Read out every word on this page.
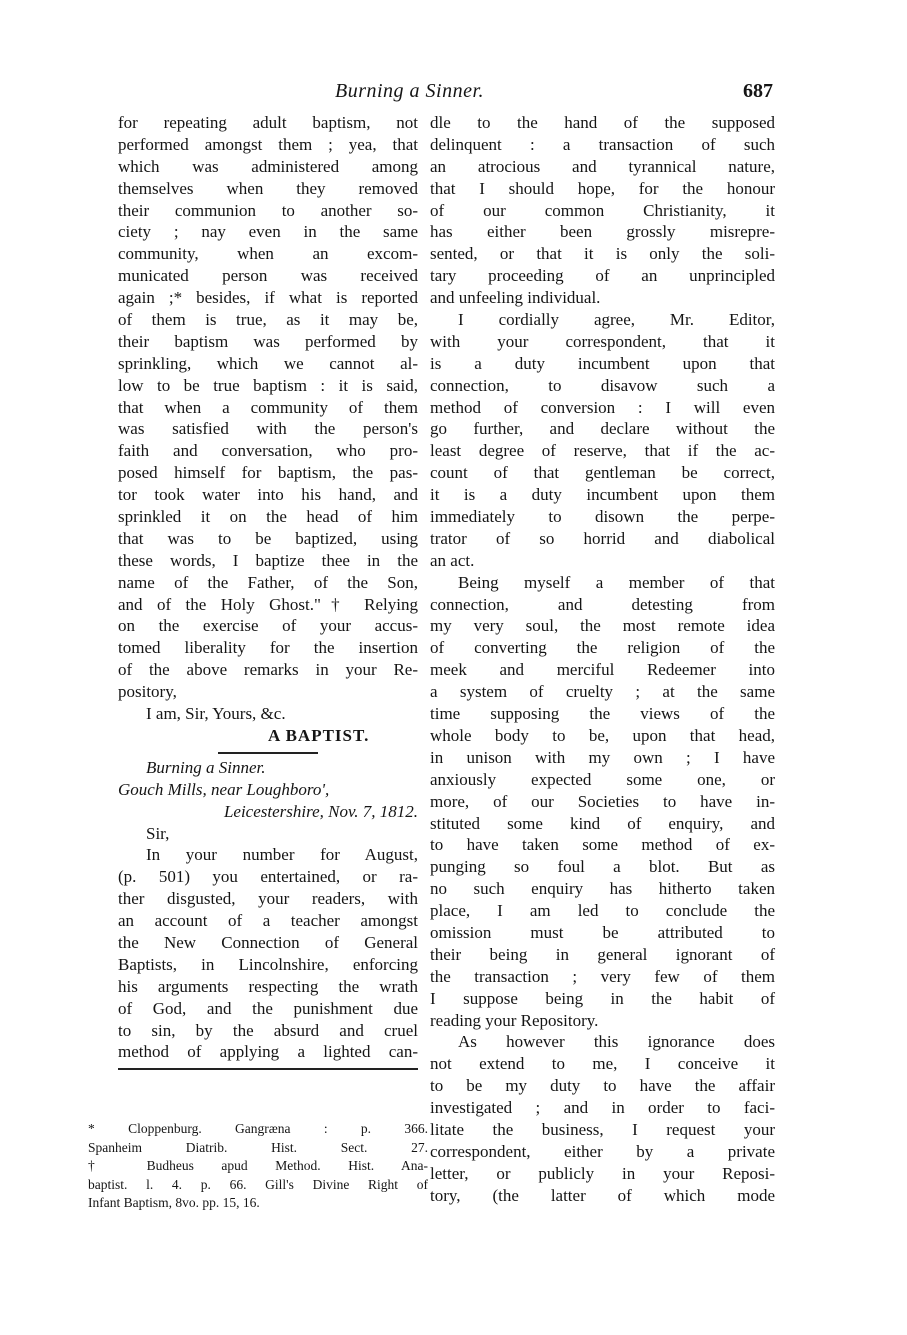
Burning a Sinner.	687
for repeating adult baptism, not
performed amongst them ; yea, that
which was administered among
themselves when they removed
their communion to another so-
ciety ; nay even in the same
community, when an excom-
municated person was received
again ;* besides, if what is reported
of them is true, as it may be,
their baptism was performed by
sprinkling, which we cannot al-
low to be true baptism : it is said,
that when a community of them
was satisfied with the person's
faith and conversation, who pro-
posed himself for baptism, the pas-
tor took water into his hand, and
sprinkled it on the head of him
that was to be baptized, using
these words, I baptize thee in the
name of the Father, of the Son,
and of the Holy Ghost."† Relying
on the exercise of your accus-
tomed liberality for the insertion
of the above remarks in your Re-
pository,
I am, Sir, Yours, &c.
A BAPTIST.
Burning a Sinner.
Gouch Mills, near Loughboro',
Leicestershire, Nov. 7, 1812.
Sir,
In your number for August,
(p. 501) you entertained, or ra-
ther disgusted, your readers, with
an account of a teacher amongst
the New Connection of General
Baptists, in Lincolnshire, enforcing
his arguments respecting the wrath
of God, and the punishment due
to sin, by the absurd and cruel
method of applying a lighted can-
* Cloppenburg. Gangræna : p. 366.
Spanheim Diatrib. Hist. Sect. 27.
† Budheus apud Method. Hist. Ana-
baptist. l. 4. p. 66. Gill's Divine Right of
Infant Baptism, 8vo. pp. 15, 16.
dle to the hand of the supposed
delinquent : a transaction of such
an atrocious and tyrannical nature,
that I should hope, for the honour
of our common Christianity, it
has either been grossly misrepre-
sented, or that it is only the soli-
tary proceeding of an unprincipled
and unfeeling individual.
I cordially agree, Mr. Editor,
with your correspondent, that it
is a duty incumbent upon that
connection, to disavow such a
method of conversion : I will even
go further, and declare without the
least degree of reserve, that if the ac-
count of that gentleman be correct,
it is a duty incumbent upon them
immediately to disown the perpe-
trator of so horrid and diabolical
an act.
Being myself a member of that
connection, and detesting from
my very soul, the most remote idea
of converting the religion of the
meek and merciful Redeemer into
a system of cruelty ; at the same
time supposing the views of the
whole body to be, upon that head,
in unison with my own ; I have
anxiously expected some one, or
more, of our Societies to have in-
stituted some kind of enquiry, and
to have taken some method of ex-
punging so foul a blot. But as
no such enquiry has hitherto taken
place, I am led to conclude the
omission must be attributed to
their being in general ignorant of
the transaction ; very few of them
I suppose being in the habit of
reading your Repository.
As however this ignorance does
not extend to me, I conceive it
to be my duty to have the affair
investigated ; and in order to faci-
litate the business, I request your
correspondent, either by a private
letter, or publicly in your Reposi-
tory, (the latter of which mode
